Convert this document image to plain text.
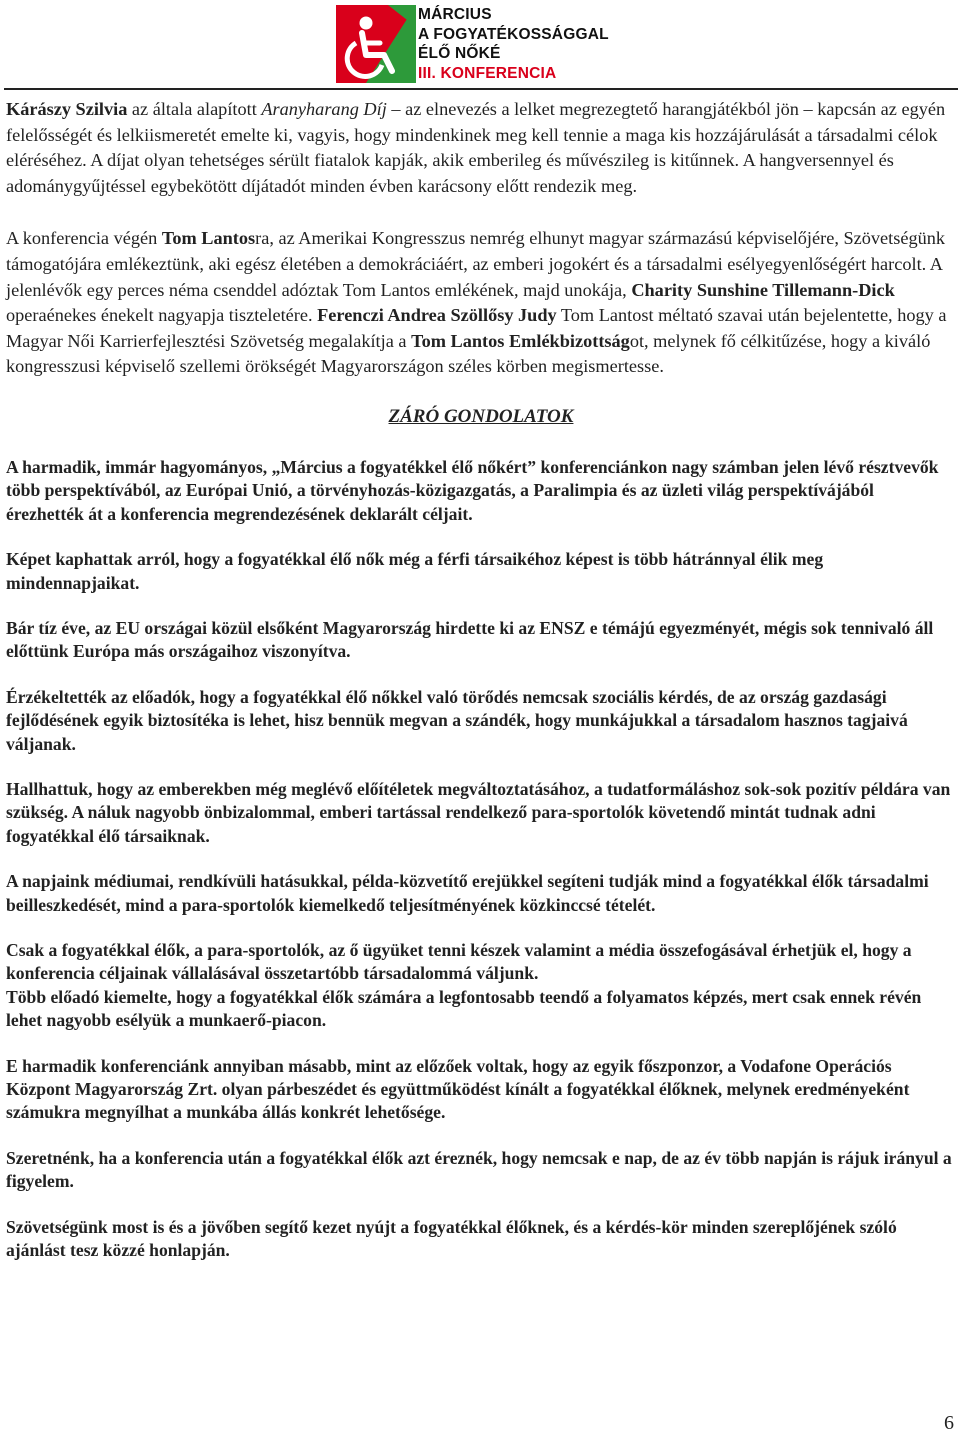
MÁRCIUS
A FOGYATÉKOSSÁGGAL
ÉLŐ NŐKÉ
III. KONFERENCIA

Kárászy Szilvia az általa alapított Aranyharang Díj – az elnevezés a lelket megrezegtető harangjátékból jön – kapcsán az egyén felelősségét és lelkiismeretét emelte ki, vagyis, hogy mindenkinek meg kell tennie a maga kis hozzájárulását a társadalmi célok eléréséhez. A díjat olyan tehetséges sérült fiatalok kapják, akik emberileg és művészileg is kitűnnek. A hangversennyel és adománygyűjtéssel egybekötött díjátadót minden évben karácsony előtt rendezik meg.

A konferencia végén Tom Lantosra, az Amerikai Kongresszus nemrég elhunyt magyar származású képviselőjére, Szövetségünk támogatójára emlékeztünk, aki egész életében a demokráciáért, az emberi jogokért és a társadalmi esélyegyenlőségért harcolt. A jelenlévők egy perces néma csenddel adóztak Tom Lantos emlékének, majd unokája, Charity Sunshine Tillemann-Dick operaénekes énekelt nagyapja tiszteletére. Ferenczi Andrea Szöllősy Judy Tom Lantost méltató szavai után bejelentette, hogy a Magyar Női Karrierfejlesztési Szövetség megalakítja a Tom Lantos Emlékbizottságot, melynek fő célkitűzése, hogy a kiváló kongresszusi képviselő szellemi örökségét Magyarországon széles körben megismertesse.

ZÁRÓ GONDOLATOK

A harmadik, immár hagyományos, „Március a fogyatékkel élő nőkért” konferenciánkon nagy számban jelen lévő résztvevők több perspektívából, az Európai Unió, a törvényhozás-közigazgatás, a Paralimpia és az üzleti világ perspektívájából érezhették át a konferencia megrendezésének deklarált céljait.

Képet kaphattak arról, hogy a fogyatékkal élő nők még a férfi társaikéhoz képest is több hátránnyal élik meg mindennapjaikat.

Bár tíz éve, az EU országai közül elsőként Magyarország hirdette ki az ENSZ e témájú egyezményét, mégis sok tennivaló áll előttünk Európa más országaihoz viszonyítva.

Érzékeltették az előadók, hogy a fogyatékkal élő nőkkel való törődés nemcsak szociális kérdés, de az ország gazdasági fejlődésének egyik biztosítéka is lehet, hisz bennük megvan a szándék, hogy munkájukkal a társadalom hasznos tagjaivá váljanak.

Hallhattuk, hogy az emberekben még meglévő előítéletek megváltoztatásához, a tudatformáláshoz sok-sok pozitív példára van szükség. A náluk nagyobb önbizalommal, emberi tartással rendelkező para-sportolók követendő mintát tudnak adni fogyatékkal élő társaiknak.

A napjaink médiumai, rendkívüli hatásukkal, példa-közvetítő erejükkel segíteni tudják mind a fogyatékkal élők társadalmi beilleszkedését, mind a para-sportolók kiemelkedő teljesítményének közkinccsé tételét.

Csak a fogyatékkal élők, a para-sportolók, az ő ügyüket tenni készek valamint a média összefogásával érhetjük el, hogy a konferencia céljainak vállalásával összetartóbb társadalommá váljunk.

Több előadó kiemelte, hogy a fogyatékkal élők számára a legfontosabb teendő a folyamatos képzés, mert csak ennek révén lehet nagyobb esélyük a munkaerő-piacon.

E harmadik konferenciánk annyiban másabb, mint az előzőek voltak, hogy az egyik főszponzor, a Vodafone Operációs Központ Magyarország Zrt. olyan párbeszédet és együttműködést kínált a fogyatékkal élőknek, melynek eredményeként számukra megnyílhat a munkába állás konkrét lehetősége.

Szeretnénk, ha a konferencia után a fogyatékkal élők azt éreznék, hogy nemcsak e nap, de az év több napján is rájuk irányul a figyelem.

Szövetségünk most is és a jövőben segítő kezet nyújt a fogyatékkal élőknek, és a kérdés-kör minden szereplőjének szóló ajánlást tesz közzé honlapján.

6
